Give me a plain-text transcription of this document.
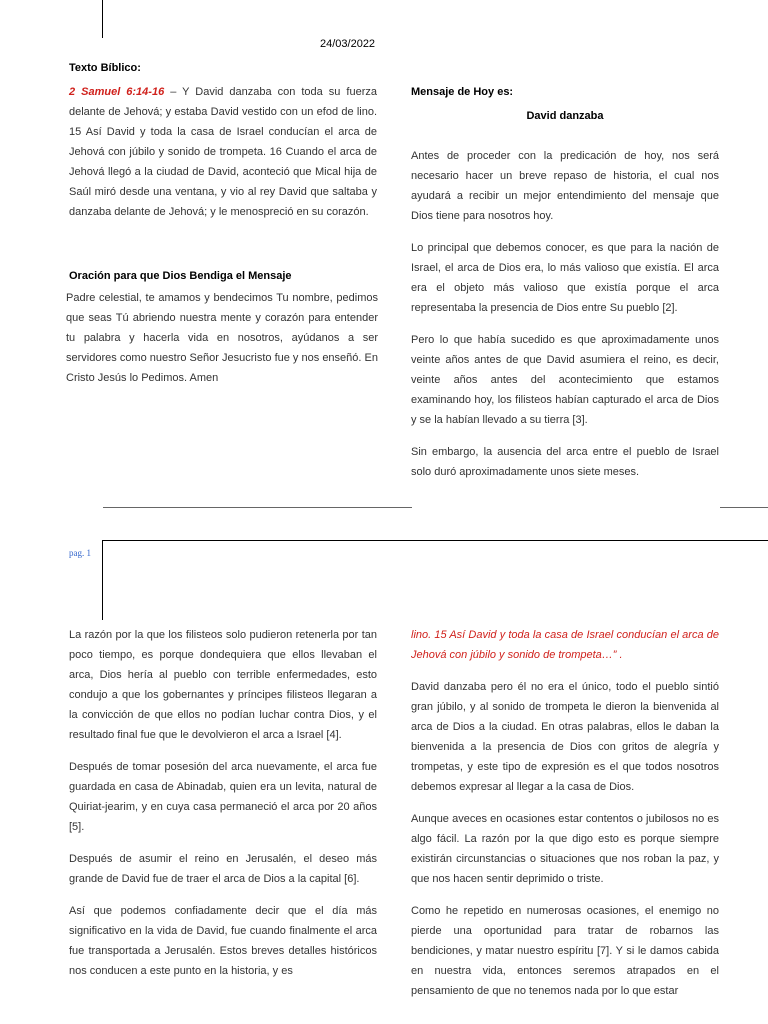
24/03/2022

Texto Bíblico:

2 Samuel 6:14-16 – Y David danzaba con toda su fuerza delante de Jehová; y estaba David vestido con un efod de lino. 15 Así David y toda la casa de Israel conducían el arca de Jehová con júbilo y sonido de trompeta. 16 Cuando el arca de Jehová llegó a la ciudad de David, aconteció que Mical hija de Saúl miró desde una ventana, y vio al rey David que saltaba y danzaba delante de Jehová; y le menospreció en su corazón.

Oración para que Dios Bendiga el Mensaje

Padre celestial, te amamos y bendecimos Tu nombre, pedimos que seas Tú abriendo nuestra mente y corazón para entender tu palabra y hacerla vida en nosotros, ayúdanos a ser servidores como nuestro Señor Jesucristo fue y nos enseñó. En Cristo Jesús lo Pedimos. Amen

Mensaje de Hoy es:

David danzaba

Antes de proceder con la predicación de hoy, nos será necesario hacer un breve repaso de historia, el cual nos ayudará a recibir un mejor entendimiento del mensaje que Dios tiene para nosotros hoy.

Lo principal que debemos conocer, es que para la nación de Israel, el arca de Dios era, lo más valioso que existía. El arca era el objeto más valioso que existía porque el arca representaba la presencia de Dios entre Su pueblo [2].

Pero lo que había sucedido es que aproximadamente unos veinte años antes de que David asumiera el reino, es decir, veinte años antes del acontecimiento que estamos examinando hoy, los filisteos habían capturado el arca de Dios y se la habían llevado a su tierra [3].

Sin embargo, la ausencia del arca entre el pueblo de Israel solo duró aproximadamente unos siete meses.

pag. 1

La razón por la que los filisteos solo pudieron retenerla por tan poco tiempo, es porque dondequiera que ellos llevaban el arca, Dios hería al pueblo con terrible enfermedades, esto condujo a que los gobernantes y príncipes filisteos llegaran a la convicción de que ellos no podían luchar contra Dios, y el resultado final fue que le devolvieron el arca a Israel [4].

Después de tomar posesión del arca nuevamente, el arca fue guardada en casa de Abinadab, quien era un levita, natural de Quiriat-jearim, y en cuya casa permaneció el arca por 20 años [5].

Después de asumir el reino en Jerusalén, el deseo más grande de David fue de traer el arca de Dios a la capital [6].

Así que podemos confiadamente decir que el día más significativo en la vida de David, fue cuando finalmente el arca fue transportada a Jerusalén. Estos breves detalles históricos nos conducen a este punto en la historia, y es

lino. 15 Así David y toda la casa de Israel conducían el arca de Jehová con júbilo y sonido de trompeta…” .

David danzaba pero él no era el único, todo el pueblo sintió gran júbilo, y al sonido de trompeta le dieron la bienvenida al arca de Dios a la ciudad. En otras palabras, ellos le daban la bienvenida a la presencia de Dios con gritos de alegría y trompetas, y este tipo de expresión es el que todos nosotros debemos expresar al llegar a la casa de Dios.

Aunque aveces en ocasiones estar contentos o jubilosos no es algo fácil. La razón por la que digo esto es porque siempre existirán circunstancias o situaciones que nos roban la paz, y que nos hacen sentir deprimido o triste.

Como he repetido en numerosas ocasiones, el enemigo no pierde una oportunidad para tratar de robarnos las bendiciones, y matar nuestro espíritu [7]. Y si le damos cabida en nuestra vida, entonces seremos atrapados en el pensamiento de que no tenemos nada por lo que estar
